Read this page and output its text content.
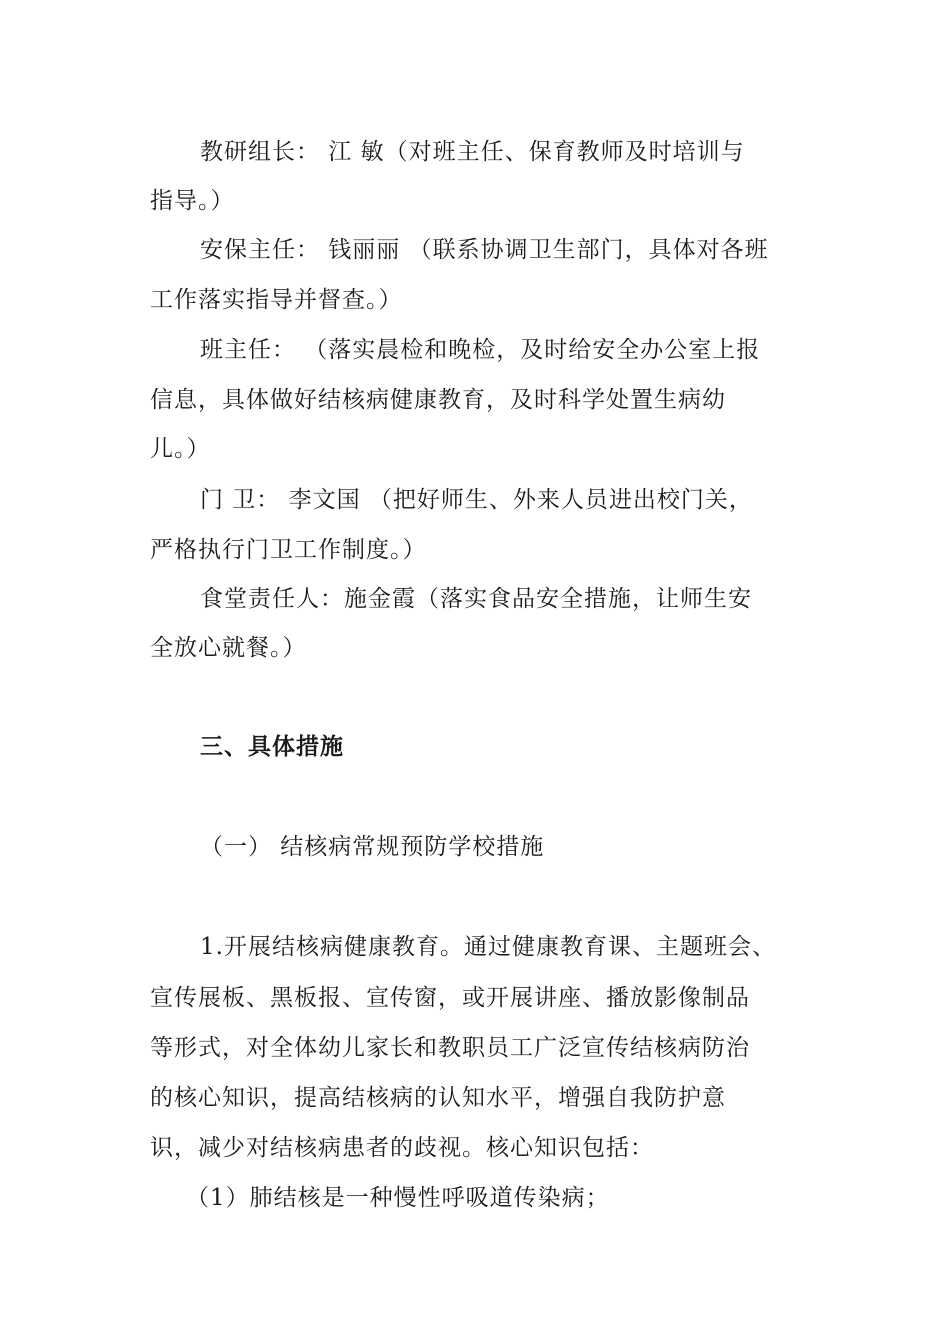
教研组长： 江 敏（对班主任、保育教师及时培训与
指导。）
安保主任： 钱丽丽 （联系协调卫生部门，具体对各班
工作落实指导并督查。）
班主任： （落实晨检和晚检，及时给安全办公室上报
信息，具体做好结核病健康教育，及时科学处置生病幼
儿。）
门 卫： 李文国 （把好师生、外来人员进出校门关，
严格执行门卫工作制度。）
食堂责任人：施金霞（落实食品安全措施，让师生安
全放心就餐。）
三、具体措施
（一） 结核病常规预防学校措施
1.开展结核病健康教育。通过健康教育课、主题班会、
宣传展板、黑板报、宣传窗，或开展讲座、播放影像制品
等形式，对全体幼儿家长和教职员工广泛宣传结核病防治
的核心知识，提高结核病的认知水平，增强自我防护意
识，减少对结核病患者的歧视。核心知识包括：
（1）肺结核是一种慢性呼吸道传染病；
